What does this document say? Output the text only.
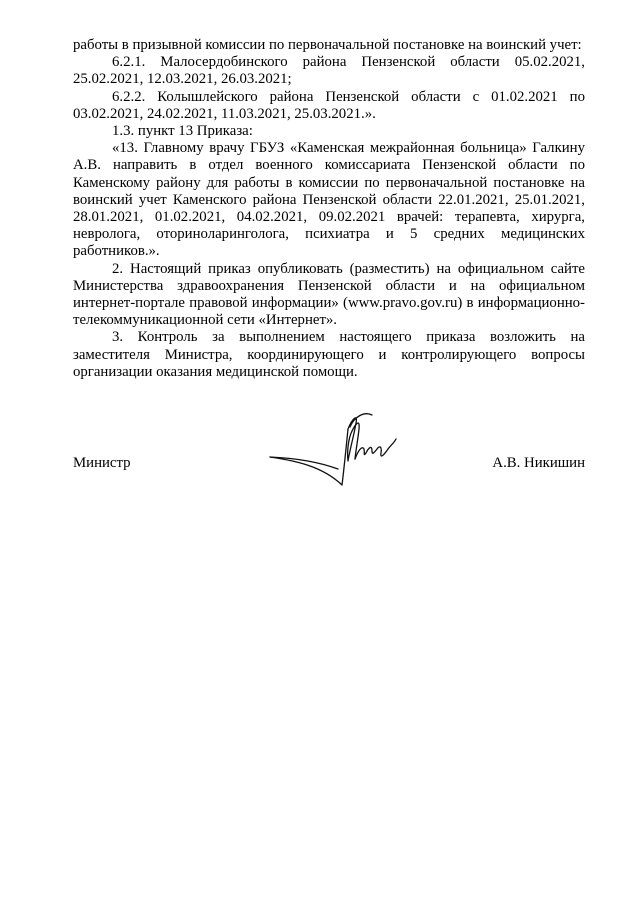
работы в призывной комиссии по первоначальной постановке на воинский учет:

6.2.1. Малосердобинского района Пензенской области 05.02.2021, 25.02.2021, 12.03.2021, 26.03.2021;

6.2.2. Колышлейского района Пензенской области с 01.02.2021 по 03.02.2021, 24.02.2021, 11.03.2021, 25.03.2021.».

1.3. пункт 13 Приказа:

«13. Главному врачу ГБУЗ «Каменская межрайонная больница» Галкину А.В. направить в отдел военного комиссариата Пензенской области по Каменскому району для работы в комиссии по первоначальной постановке на воинский учет Каменского района Пензенской области 22.01.2021, 25.01.2021, 28.01.2021, 01.02.2021, 04.02.2021, 09.02.2021 врачей: терапевта, хирурга, невролога, оториноларинголога, психиатра и 5 средних медицинских работников.».

2. Настоящий приказ опубликовать (разместить) на официальном сайте Министерства здравоохранения Пензенской области и на официальном интернет-портале правовой информации» (www.pravo.gov.ru) в информационно-телекоммуникационной сети «Интернет».

3. Контроль за выполнением настоящего приказа возложить на заместителя Министра, координирующего и контролирующего вопросы организации оказания медицинской помощи.

Министр	А.В. Никишин
